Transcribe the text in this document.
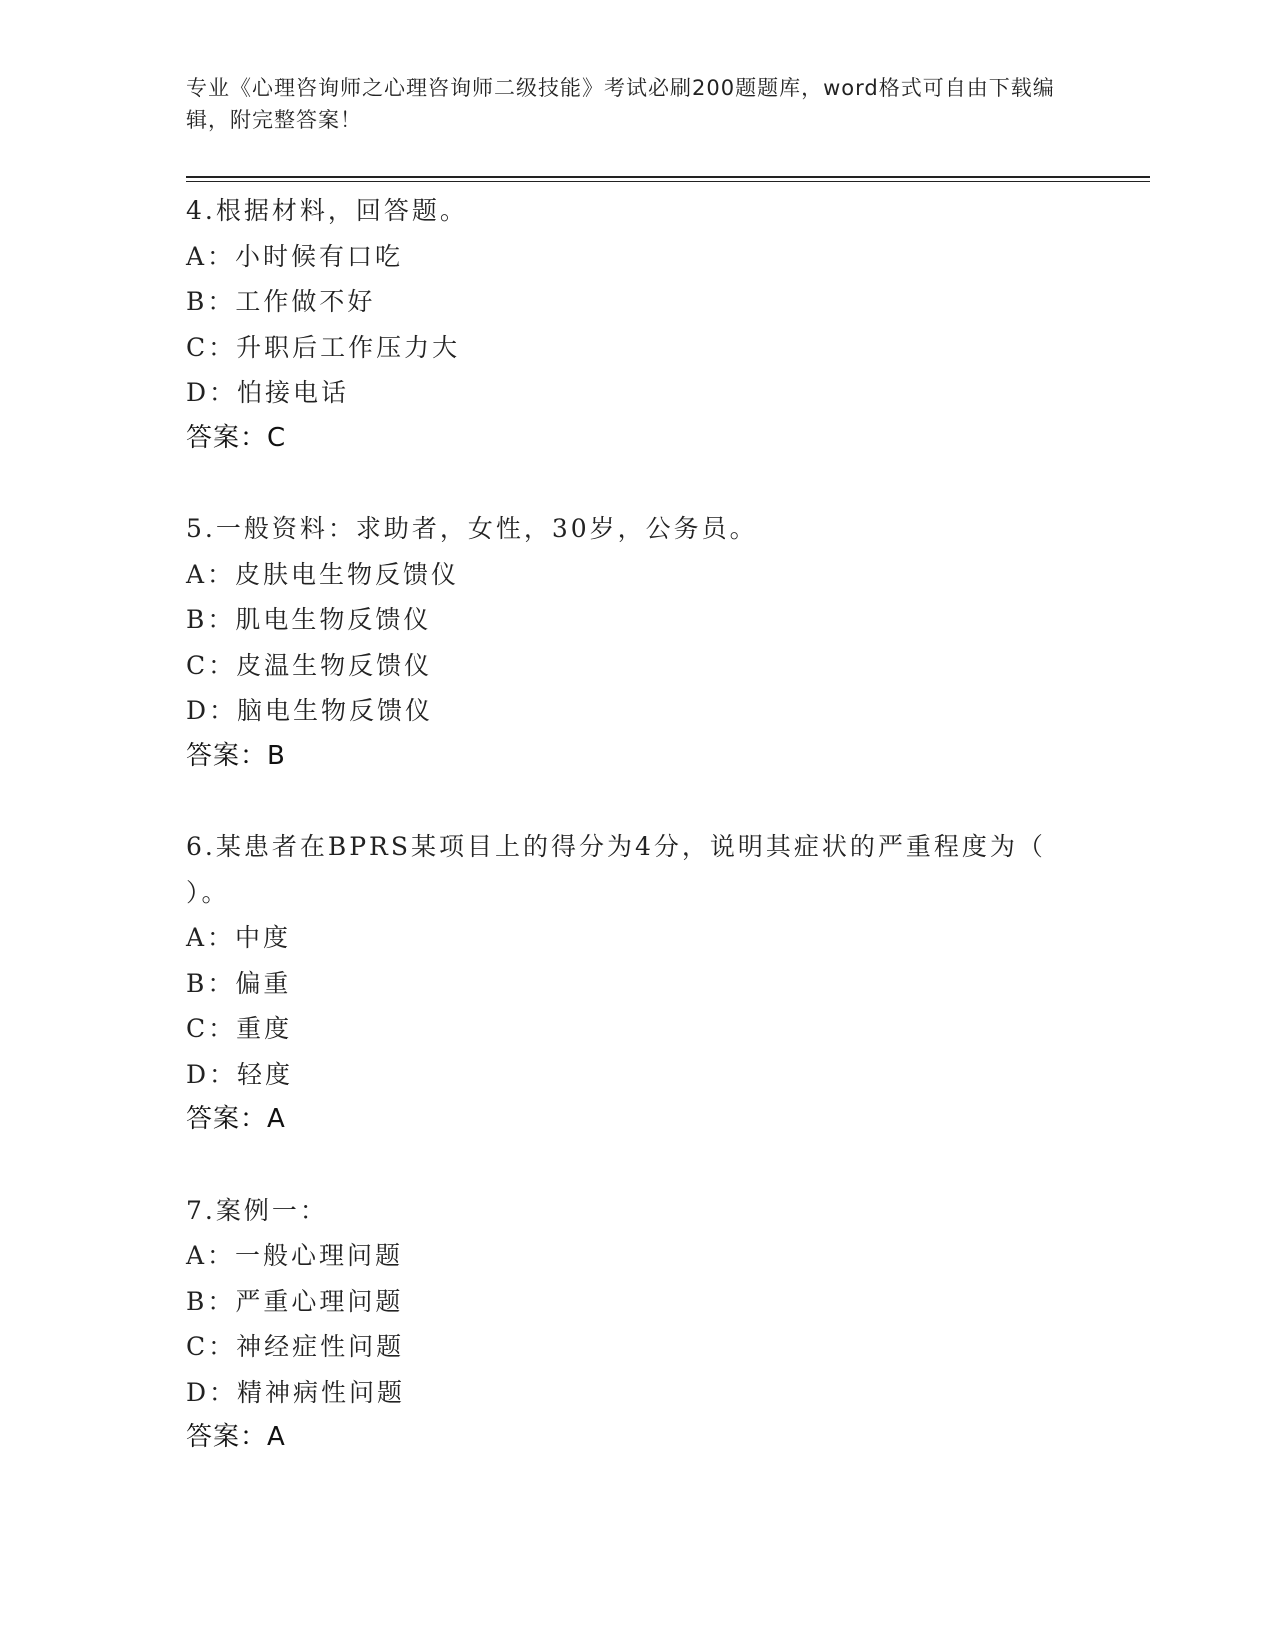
专业《心理咨询师之心理咨询师二级技能》考试必刷200题题库，word格式可自由下载编辑，附完整答案！
4.根据材料，回答题。
A：小时候有口吃
B：工作做不好
C：升职后工作压力大
D：怕接电话
答案：C
5.一般资料：求助者，女性，30岁，公务员。
A：皮肤电生物反馈仪
B：肌电生物反馈仪
C：皮温生物反馈仪
D：脑电生物反馈仪
答案：B
6.某患者在BPRS某项目上的得分为4分，说明其症状的严重程度为（ ）。
A：中度
B：偏重
C：重度
D：轻度
答案：A
7.案例一：
A：一般心理问题
B：严重心理问题
C：神经症性问题
D：精神病性问题
答案：A
